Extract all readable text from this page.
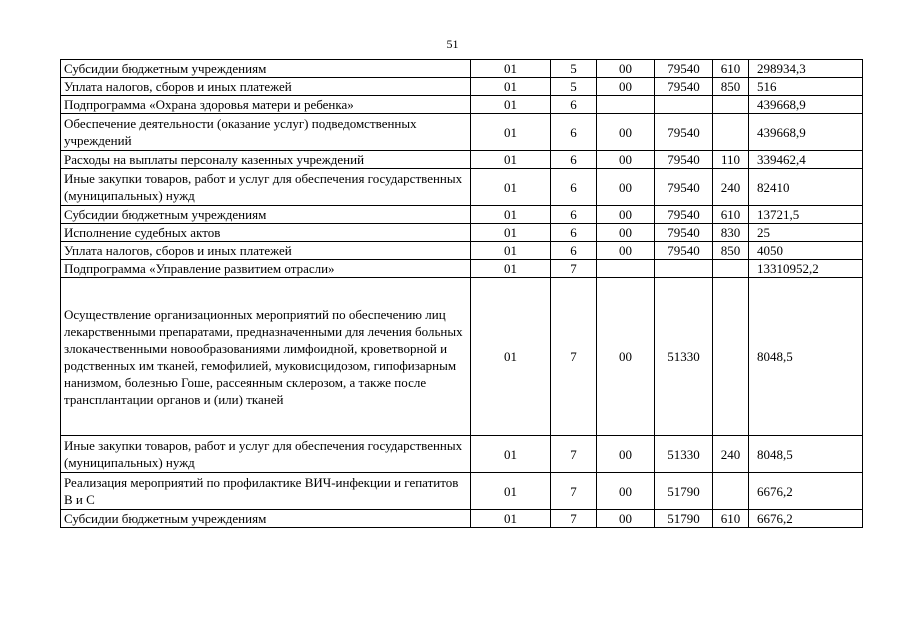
51
Субсидии бюджетным учреждениям	01	5	00	79540	610	298934,3
Уплата налогов, сборов и иных платежей	01	5	00	79540	850	516
Подпрограмма «Охрана здоровья матери и ребенка»	01	6				439668,9
Обеспечение деятельности (оказание услуг) подведомственных учреждений	01	6	00	79540		439668,9
Расходы на выплаты персоналу казенных учреждений	01	6	00	79540	110	339462,4
Иные закупки товаров, работ и услуг для обеспечения государственных (муниципальных) нужд	01	6	00	79540	240	82410
Субсидии бюджетным учреждениям	01	6	00	79540	610	13721,5
Исполнение судебных актов	01	6	00	79540	830	25
Уплата налогов, сборов и иных платежей	01	6	00	79540	850	4050
Подпрограмма «Управление развитием отрасли»	01	7				13310952,2
Осуществление организационных мероприятий по обеспечению лиц лекарственными препаратами, предназначенными для лечения больных злокачественными новообразованиями лимфоидной, кроветворной и родственных им тканей, гемофилией, муковисцидозом, гипофизарным нанизмом, болезнью Гоше, рассеянным склерозом, а также после трансплантации органов и (или) тканей	01	7	00	51330		8048,5
Иные закупки товаров, работ и услуг для обеспечения государственных (муниципальных) нужд	01	7	00	51330	240	8048,5
Реализация мероприятий по профилактике ВИЧ-инфекции и гепатитов В и С	01	7	00	51790		6676,2
Субсидии бюджетным учреждениям	01	7	00	51790	610	6676,2
